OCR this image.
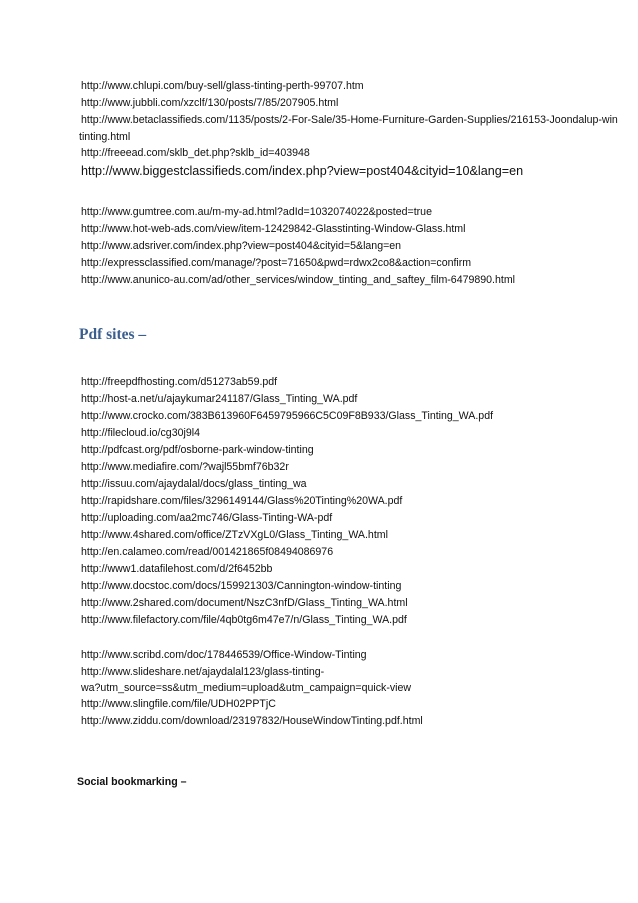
http://www.chlupi.com/buy-sell/glass-tinting-perth-99707.htm
http://www.jubbli.com/xzclf/130/posts/7/85/207905.html
http://www.betaclassifieds.com/1135/posts/2-For-Sale/35-Home-Furniture-Garden-Supplies/216153-Joondalup-win
tinting.html
http://freeead.com/sklb_det.php?sklb_id=403948
http://www.biggestclassifieds.com/index.php?view=post404&cityid=10&lang=en
http://www.gumtree.com.au/m-my-ad.html?adId=1032074022&posted=true
http://www.hot-web-ads.com/view/item-12429842-Glasstinting-Window-Glass.html
http://www.adsriver.com/index.php?view=post404&cityid=5&lang=en
http://expressclassified.com/manage/?post=71650&pwd=rdwx2co8&action=confirm
http://www.anunico-au.com/ad/other_services/window_tinting_and_saftey_film-6479890.html
Pdf sites –
http://freepdfhosting.com/d51273ab59.pdf
http://host-a.net/u/ajaykumar241187/Glass_Tinting_WA.pdf
http://www.crocko.com/383B613960F6459795966C5C09F8B933/Glass_Tinting_WA.pdf
http://filecloud.io/cg30j9l4
http://pdfcast.org/pdf/osborne-park-window-tinting
http://www.mediafire.com/?wajl55bmf76b32r
http://issuu.com/ajaydalal/docs/glass_tinting_wa
http://rapidshare.com/files/3296149144/Glass%20Tinting%20WA.pdf
http://uploading.com/aa2mc746/Glass-Tinting-WA-pdf
http://www.4shared.com/office/ZTzVXgL0/Glass_Tinting_WA.html
http://en.calameo.com/read/001421865f08494086976
http://www1.datafilehost.com/d/2f6452bb
http://www.docstoc.com/docs/159921303/Cannington-window-tinting
http://www.2shared.com/document/NszC3nfD/Glass_Tinting_WA.html
http://www.filefactory.com/file/4qb0tg6m47e7/n/Glass_Tinting_WA.pdf
http://www.scribd.com/doc/178446539/Office-Window-Tinting
http://www.slideshare.net/ajaydalal123/glass-tinting-
wa?utm_source=ss&utm_medium=upload&utm_campaign=quick-view
http://www.slingfile.com/file/UDH02PPTjC
http://www.ziddu.com/download/23197832/HouseWindowTinting.pdf.html
Social bookmarking –
